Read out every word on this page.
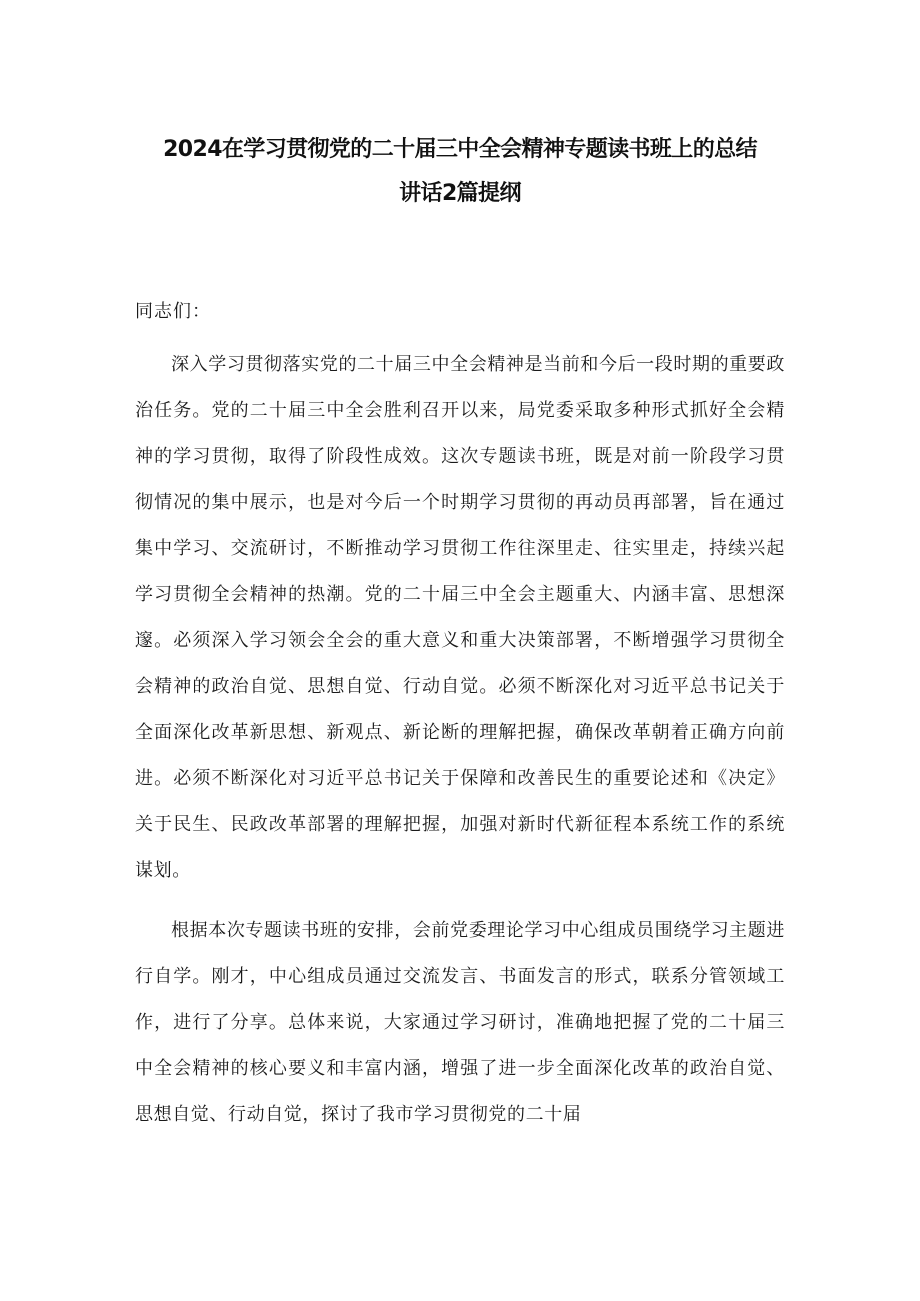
2024在学习贯彻党的二十届三中全会精神专题读书班上的总结
讲话2篇提纲

同志们：

深入学习贯彻落实党的二十届三中全会精神是当前和今后一段时期的重要政治任务。党的二十届三中全会胜利召开以来，局党委采取多种形式抓好全会精神的学习贯彻，取得了阶段性成效。这次专题读书班，既是对前一阶段学习贯彻情况的集中展示，也是对今后一个时期学习贯彻的再动员再部署，旨在通过集中学习、交流研讨，不断推动学习贯彻工作往深里走、往实里走，持续兴起学习贯彻全会精神的热潮。党的二十届三中全会主题重大、内涵丰富、思想深邃。必须深入学习领会全会的重大意义和重大决策部署，不断增强学习贯彻全会精神的政治自觉、思想自觉、行动自觉。必须不断深化对习近平总书记关于全面深化改革新思想、新观点、新论断的理解把握，确保改革朝着正确方向前进。必须不断深化对习近平总书记关于保障和改善民生的重要论述和《决定》关于民生、民政改革部署的理解把握，加强对新时代新征程本系统工作的系统谋划。

根据本次专题读书班的安排，会前党委理论学习中心组成员围绕学习主题进行自学。刚才，中心组成员通过交流发言、书面发言的形式，联系分管领域工作，进行了分享。总体来说，大家通过学习研讨，准确地把握了党的二十届三中全会精神的核心要义和丰富内涵，增强了进一步全面深化改革的政治自觉、思想自觉、行动自觉，探讨了我市学习贯彻党的二十届
